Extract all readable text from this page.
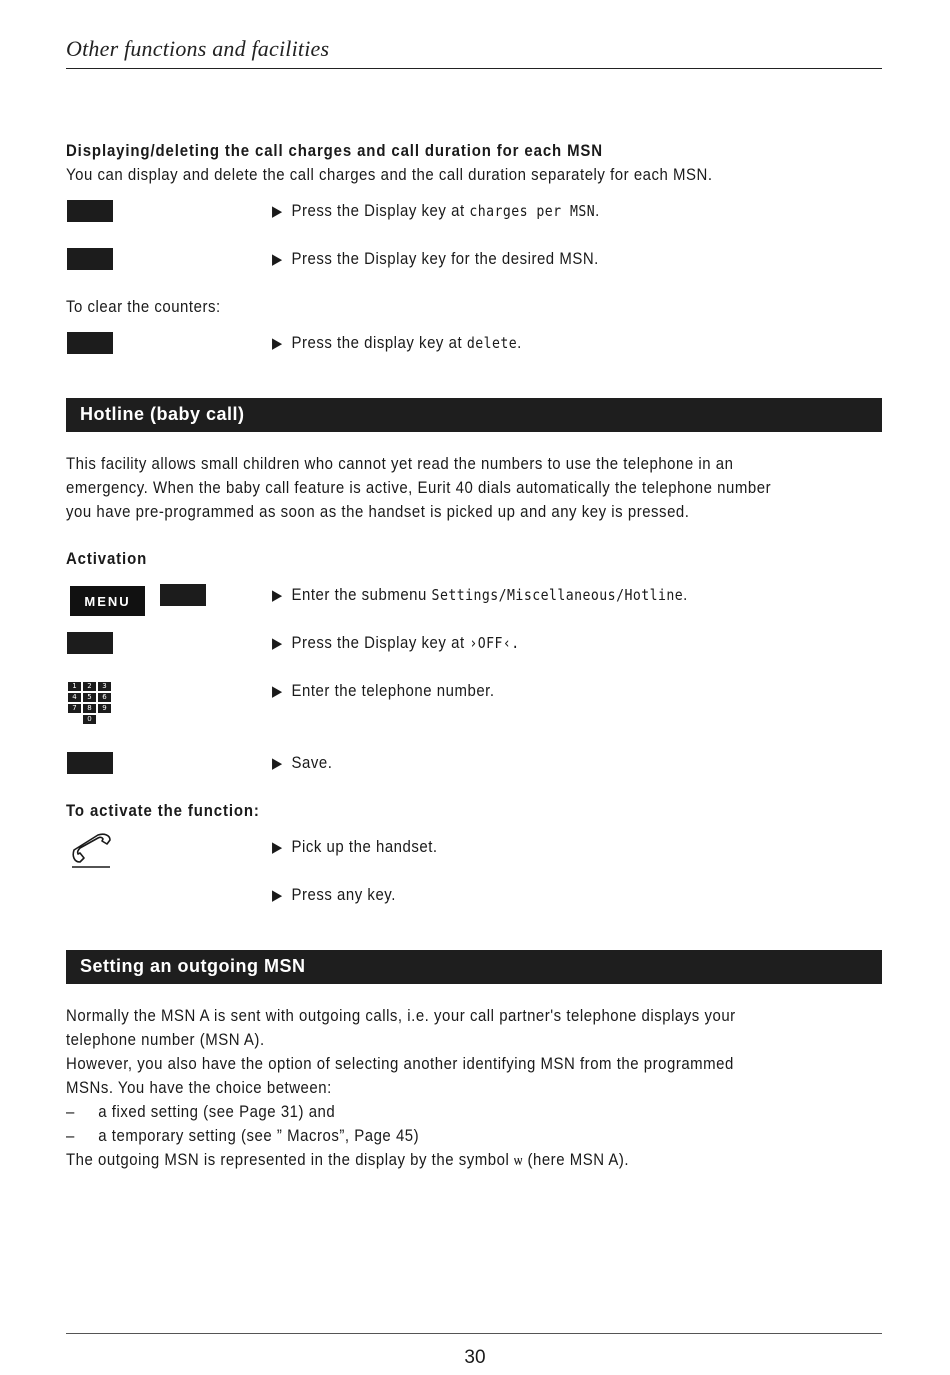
Other functions and facilities
Displaying/deleting the call charges and call duration for each MSN
You can display and delete the call charges and the call duration separately for each MSN.
▶ Press the Display key at charges per MSN.
▶ Press the Display key for the desired MSN.
To clear the counters:
▶ Press the display key at delete.
Hotline (baby call)
This facility allows small children who cannot yet read the numbers to use the telephone in an
emergency. When the baby call feature is active, Eurit 40 dials automatically the telephone number
you have pre-programmed as soon as the handset is picked up and any key is pressed.
Activation
MENU	▶ Enter the submenu Settings/Miscellaneous/Hotline.
▶ Press the Display key at ›OFF‹.
1	2	3
4	5	6
7	8	9
0
▶ Enter the telephone number.
▶ Save.
To activate the function:
▶ Pick up the handset.
▶ Press any key.
Setting an outgoing MSN
Normally the MSN A is sent with outgoing calls, i.e. your call partner's telephone displays your
telephone number (MSN A).
However, you also have the option of selecting another identifying MSN from the programmed
MSNs. You have the choice between:
–     a fixed setting (see Page 31) and
–     a temporary setting (see ” Macros”, Page 45)
The outgoing MSN is represented in the display by the symbol ѡ (here MSN A).
30
